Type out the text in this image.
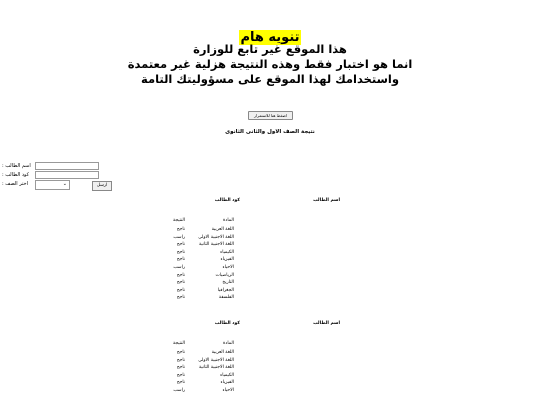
تنويه هام
هذا الموقع غير تابع للوزارة
انما هو اختبار فقط وهذه النتيجة هزلية غير معتمدة
واستخدامك لهذا الموقع على مسؤوليتك التامة
اضغط هنا للاستمرار
نتيجة الصف الاول والثانى الثانوى
اسم الطالب :
كود الطالب :
اختر الصف :	⌄	ارسل
اسم الطالب
كود الطالب
المادة
النتيجة
اللغة العربية
ناجح
اللغة الاجنبية الاولى
راسب
اللغة الاجنبية الثانية
ناجح
الكيمياء
ناجح
الفيزياء
ناجح
الاحياء
راسب
الرياضيات
ناجح
التاريخ
ناجح
الجغرافيا
ناجح
الفلسفة
ناجح
اسم الطالب
كود الطالب
المادة
النتيجة
اللغة العربية
ناجح
اللغة الاجنبية الاولى
ناجح
اللغة الاجنبية الثانية
ناجح
الكيمياء
ناجح
الفيزياء
ناجح
الاحياء
راسب
